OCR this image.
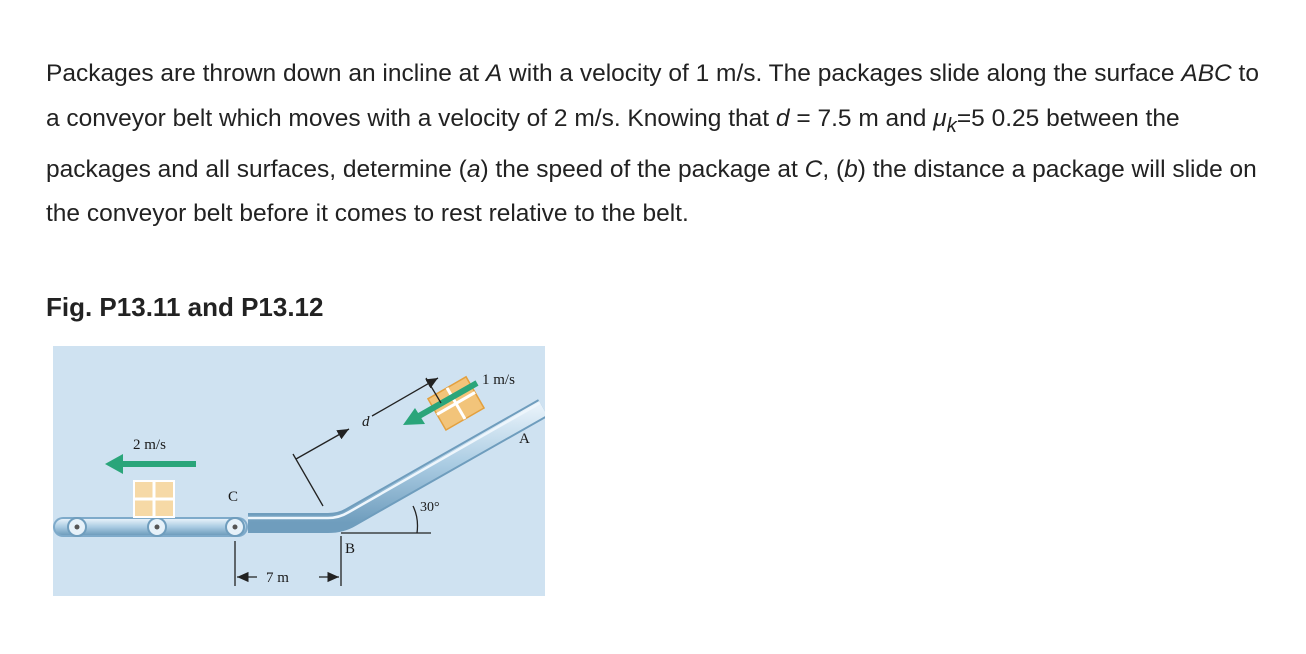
Packages are thrown down an incline at A with a velocity of 1 m/s. The packages slide along the surface ABC to a conveyor belt which moves with a velocity of 2 m/s. Knowing that d = 7.5 m and $\mu_k=5$ 0.25 between the packages and all surfaces, determine (a) the speed of the package at C, (b) the distance a package will slide on the conveyor belt before it comes to rest relative to the belt.

Fig. P13.11 and P13.12
1 m/s
A
d
2 m/s
C
30°
B
7 m
